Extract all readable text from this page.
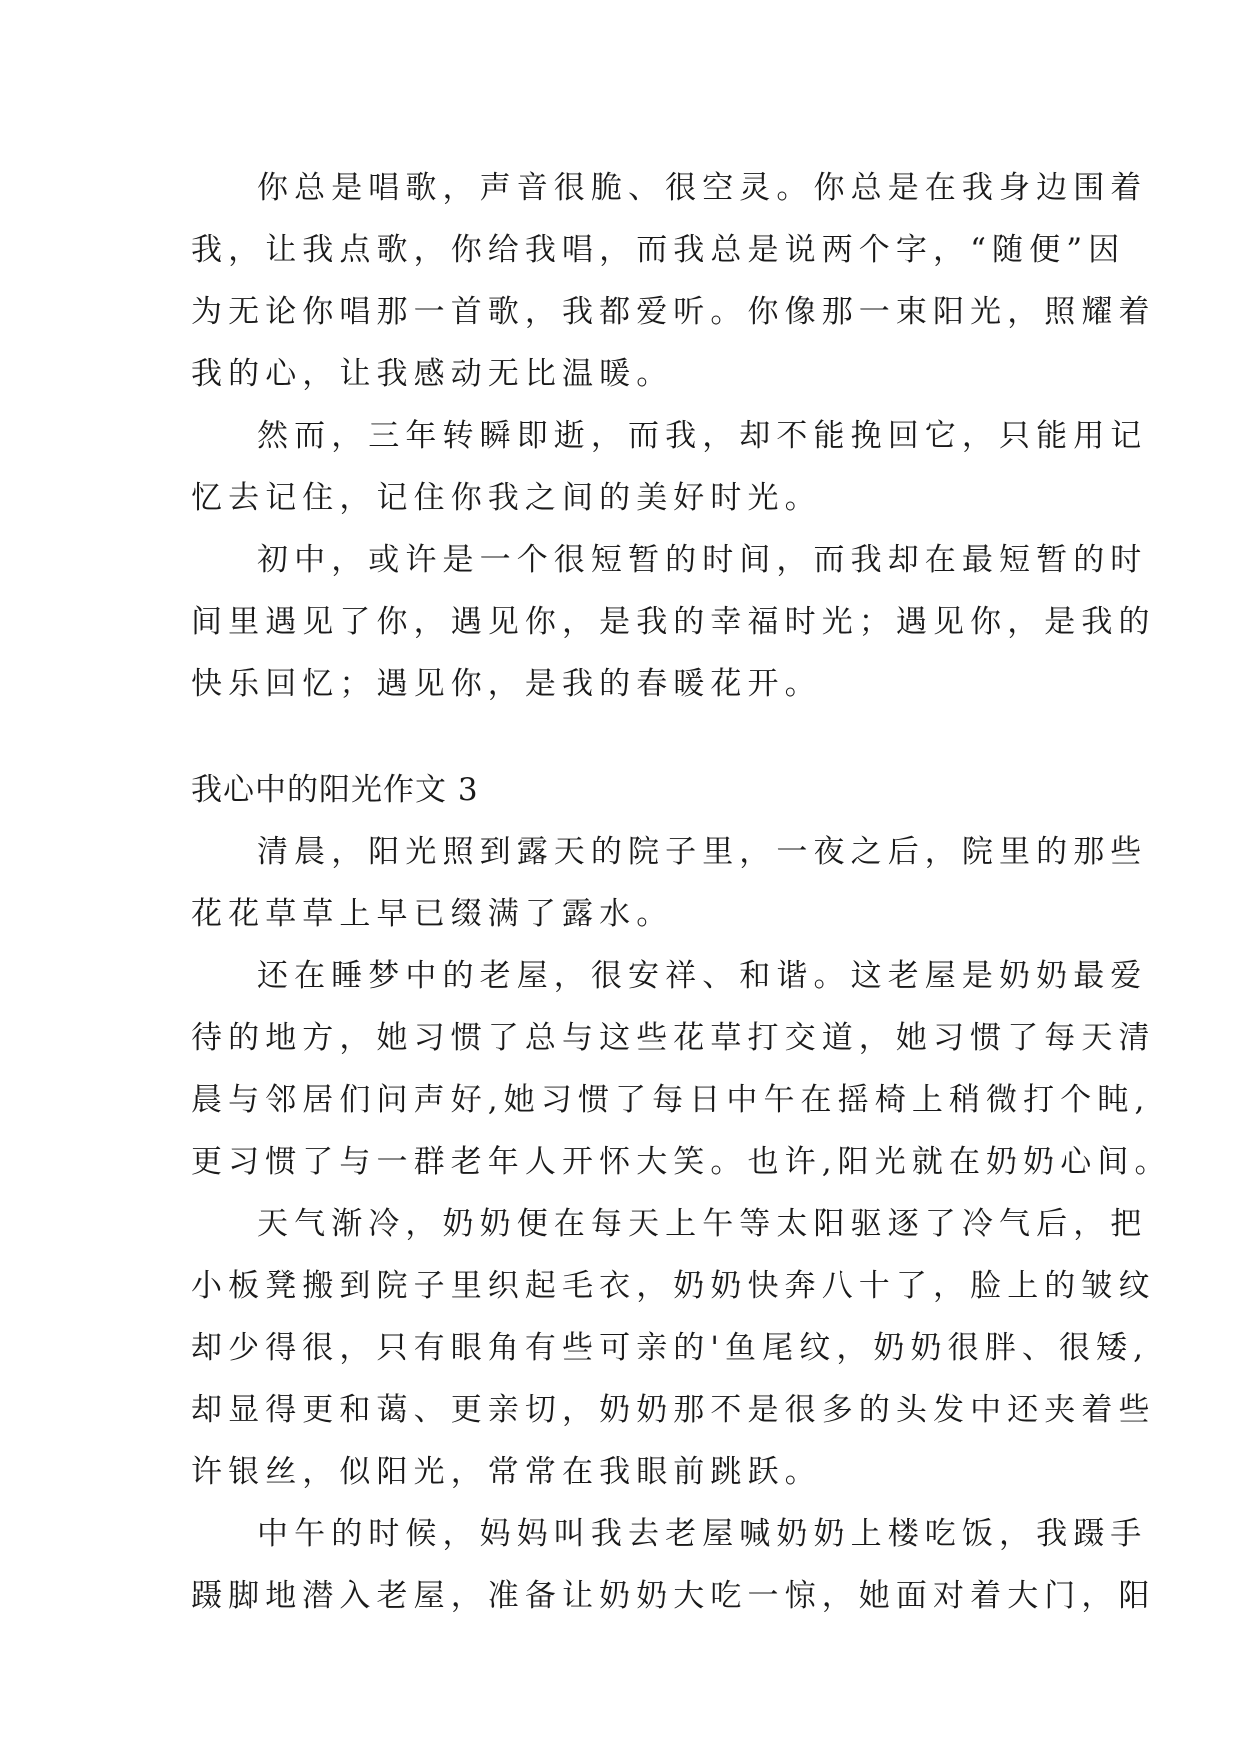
你总是唱歌，声音很脆、很空灵。你总是在我身边围着
我，让我点歌，你给我唱，而我总是说两个字，“随便”因
为无论你唱那一首歌，我都爱听。你像那一束阳光，照耀着
我的心，让我感动无比温暖。
然而，三年转瞬即逝，而我，却不能挽回它，只能用记
忆去记住，记住你我之间的美好时光。
初中，或许是一个很短暂的时间，而我却在最短暂的时
间里遇见了你，遇见你，是我的幸福时光；遇见你，是我的
快乐回忆；遇见你，是我的春暖花开。
我心中的阳光作文 3
清晨，阳光照到露天的院子里，一夜之后，院里的那些
花花草草上早已缀满了露水。
还在睡梦中的老屋，很安祥、和谐。这老屋是奶奶最爱
待的地方，她习惯了总与这些花草打交道，她习惯了每天清
晨与邻居们问声好,她习惯了每日中午在摇椅上稍微打个盹,
更习惯了与一群老年人开怀大笑。也许,阳光就在奶奶心间。
天气渐冷，奶奶便在每天上午等太阳驱逐了冷气后，把
小板凳搬到院子里织起毛衣，奶奶快奔八十了，脸上的皱纹
却少得很，只有眼角有些可亲的'鱼尾纹，奶奶很胖、很矮,
却显得更和蔼、更亲切，奶奶那不是很多的头发中还夹着些
许银丝，似阳光，常常在我眼前跳跃。
中午的时候，妈妈叫我去老屋喊奶奶上楼吃饭，我蹑手
蹑脚地潜入老屋，准备让奶奶大吃一惊，她面对着大门，阳
